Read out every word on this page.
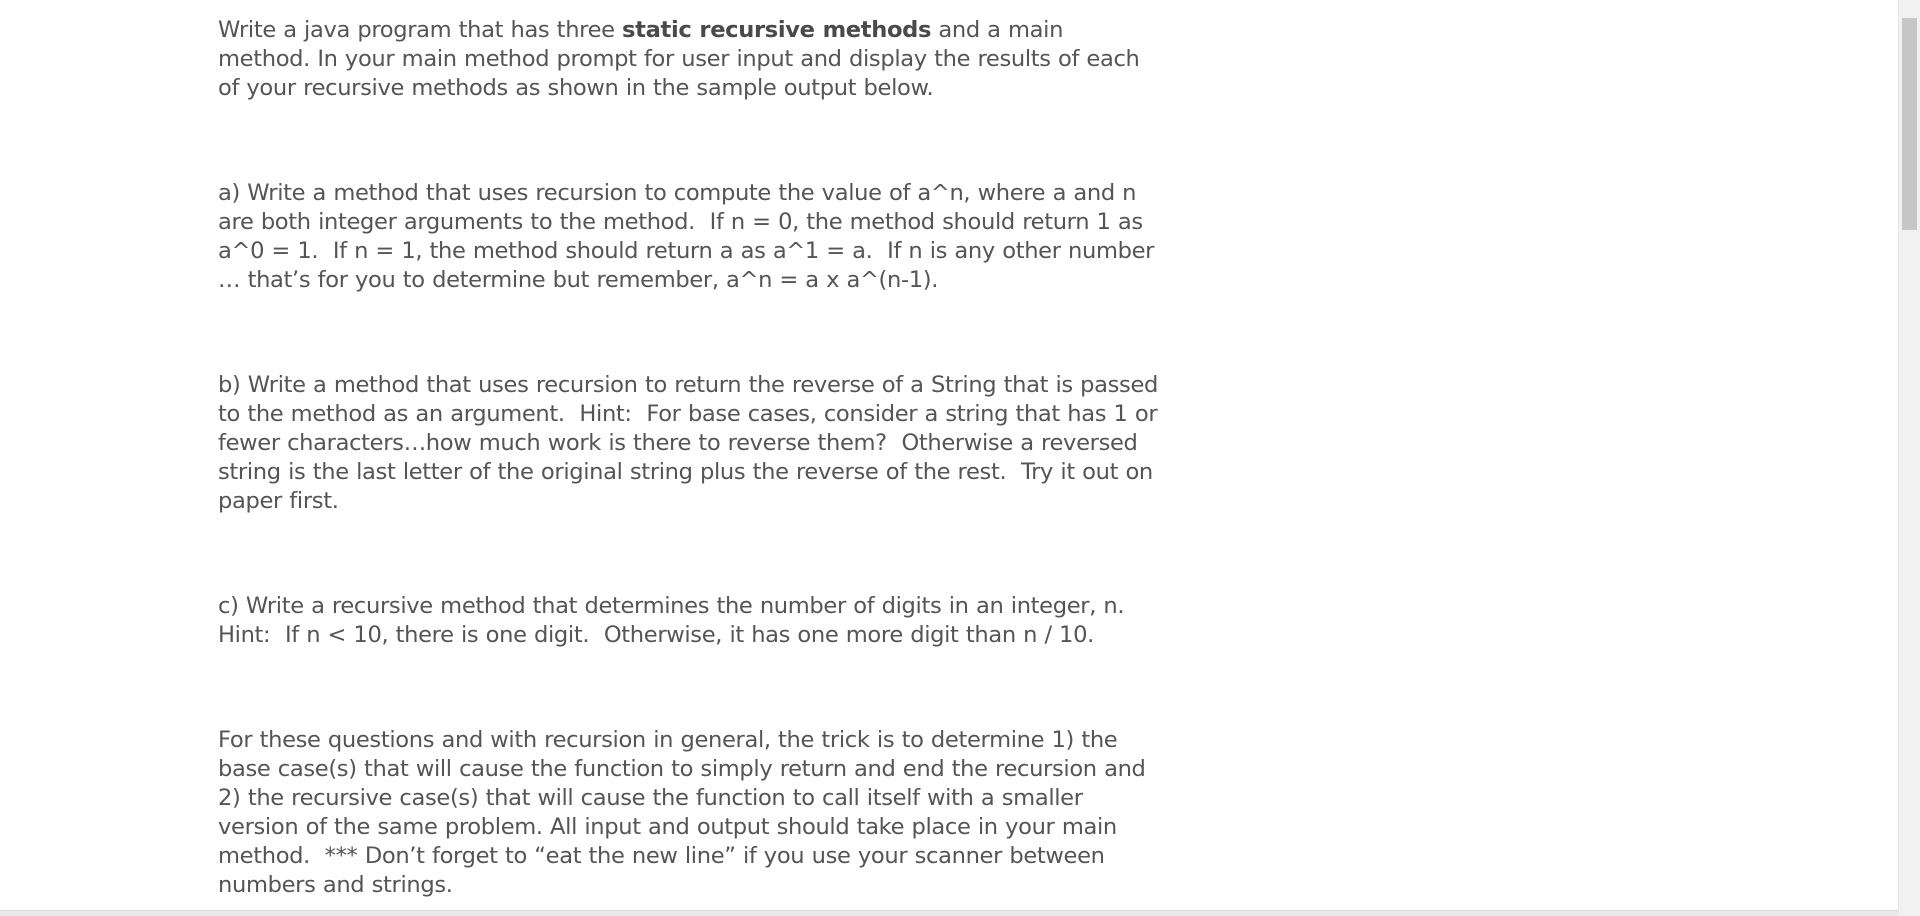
Write a java program that has three static recursive methods and a main method. In your main method prompt for user input and display the results of each of your recursive methods as shown in the sample output below.

a) Write a method that uses recursion to compute the value of a^n, where a and n are both integer arguments to the method.  If n = 0, the method should return 1 as a^0 = 1.  If n = 1, the method should return a as a^1 = a.  If n is any other number … that’s for you to determine but remember, a^n = a x a^(n-1).

b) Write a method that uses recursion to return the reverse of a String that is passed to the method as an argument.  Hint:  For base cases, consider a string that has 1 or fewer characters…how much work is there to reverse them?  Otherwise a reversed string is the last letter of the original string plus the reverse of the rest.  Try it out on paper first.

c) Write a recursive method that determines the number of digits in an integer, n.  Hint:  If n < 10, there is one digit.  Otherwise, it has one more digit than n / 10.

For these questions and with recursion in general, the trick is to determine 1) the base case(s) that will cause the function to simply return and end the recursion and 2) the recursive case(s) that will cause the function to call itself with a smaller version of the same problem. All input and output should take place in your main method.  *** Don’t forget to “eat the new line” if you use your scanner between numbers and strings.
